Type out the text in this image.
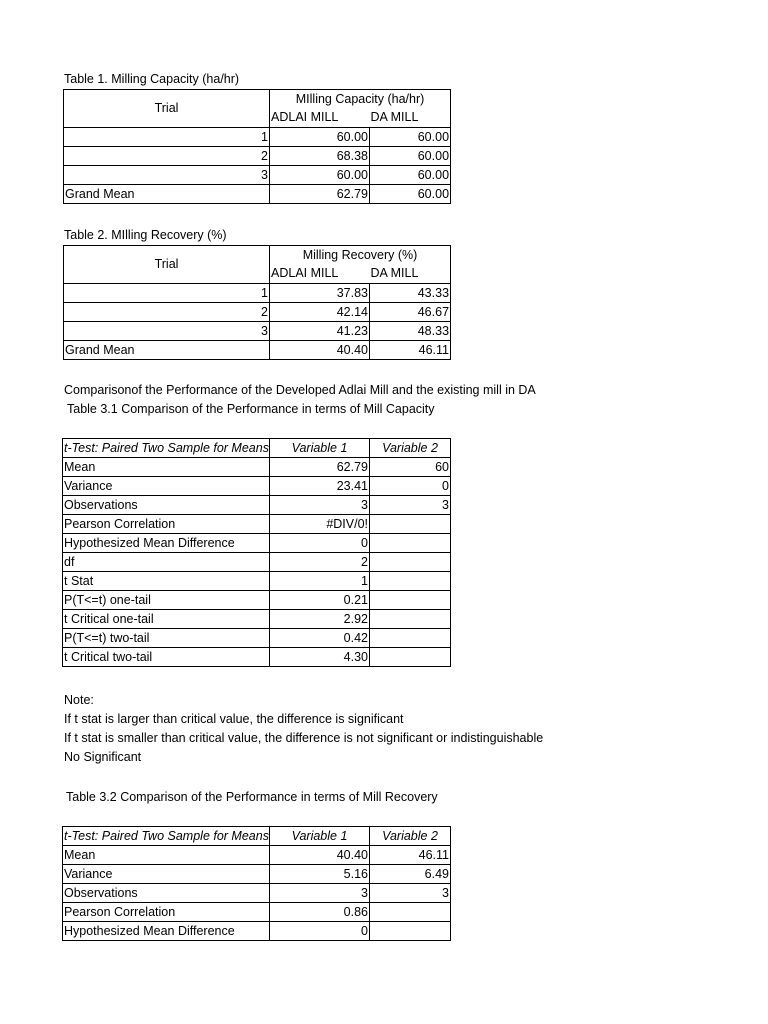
Table 1. Milling Capacity (ha/hr)
Trial	MIlling Capacity (ha/hr)	
	ADLAI MILL	DA MILL
1	60.00	60.00
2	68.38	60.00
3	60.00	60.00
Grand Mean	62.79	60.00
Table 2. MIlling Recovery (%)
Trial	Milling Recovery (%)	
	ADLAI MILL	DA MILL
1	37.83	43.33
2	42.14	46.67
3	41.23	48.33
Grand Mean	40.40	46.11
Comparisonof the Performance of the Developed Adlai Mill and the existing mill in DA
Table 3.1 Comparison of the Performance in terms of Mill Capacity
t-Test: Paired Two Sample for Means	Variable 1	Variable 2
Mean	62.79	60
Variance	23.41	0
Observations	3	3
Pearson Correlation	#DIV/0!	
Hypothesized Mean Difference	0	
df	2	
t Stat	1	
P(T<=t) one-tail	0.21	
t Critical one-tail	2.92	
P(T<=t) two-tail	0.42	
t Critical two-tail	4.30	
Note:
If t stat is larger than critical value, the difference is significant
If t stat is smaller than critical value, the difference is not significant or indistinguishable
No Significant
Table 3.2 Comparison of the Performance in terms of Mill Recovery
t-Test: Paired Two Sample for Means	Variable 1	Variable 2
Mean	40.40	46.11
Variance	5.16	6.49
Observations	3	3
Pearson Correlation	0.86	
Hypothesized Mean Difference	0	
